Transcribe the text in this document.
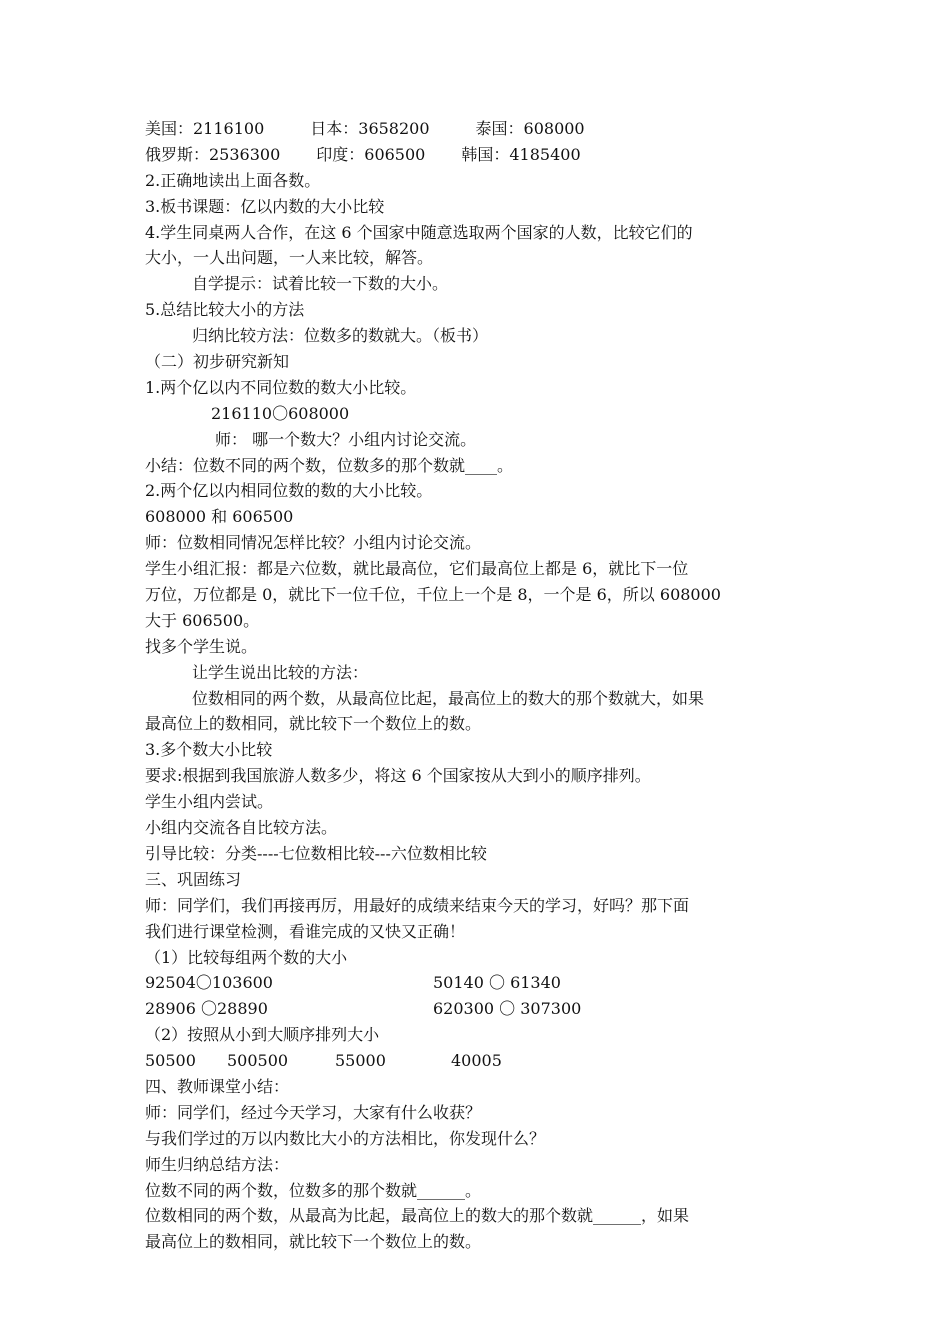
美国：2116100	日本：3658200	泰国：608000
俄罗斯：2536300 印度：606500 韩国：4185400
2.正确地读出上面各数。
3.板书课题：亿以内数的大小比较
4.学生同桌两人合作，在这 6 个国家中随意选取两个国家的人数，比较它们的
大小，一人出问题，一人来比较，解答。
自学提示：试着比较一下数的大小。
5.总结比较大小的方法
归纳比较方法：位数多的数就大。（板书）
（二）初步研究新知
1.两个亿以内不同位数的数大小比较。
216110〇608000
师： 哪一个数大？小组内讨论交流。
小结：位数不同的两个数，位数多的那个数就____。
2.两个亿以内相同位数的数的大小比较。
608000 和 606500
师：位数相同情况怎样比较？小组内讨论交流。
学生小组汇报：都是六位数，就比最高位，它们最高位上都是 6，就比下一位
万位，万位都是 0，就比下一位千位，千位上一个是 8，一个是 6，所以 608000
大于 606500。
找多个学生说。
让学生说出比较的方法：
位数相同的两个数，从最高位比起，最高位上的数大的那个数就大，如果
最高位上的数相同，就比较下一个数位上的数。
3.多个数大小比较
要求:根据到我国旅游人数多少，将这 6 个国家按从大到小的顺序排列。
学生小组内尝试。
小组内交流各自比较方法。
引导比较：分类----七位数相比较---六位数相比较
三、巩固练习
师：同学们，我们再接再厉，用最好的成绩来结束今天的学习，好吗？那下面
我们进行课堂检测，看谁完成的又快又正确！
（1）比较每组两个数的大小
92504〇103600	50140 〇 61340
28906 〇28890	620300 〇 307300
（2）按照从小到大顺序排列大小
50500	500500	55000	40005
四、教师课堂小结：
师：同学们，经过今天学习，大家有什么收获？
与我们学过的万以内数比大小的方法相比，你发现什么？
师生归纳总结方法：
位数不同的两个数，位数多的那个数就______。
位数相同的两个数，从最高为比起，最高位上的数大的那个数就______，如果
最高位上的数相同，就比较下一个数位上的数。
